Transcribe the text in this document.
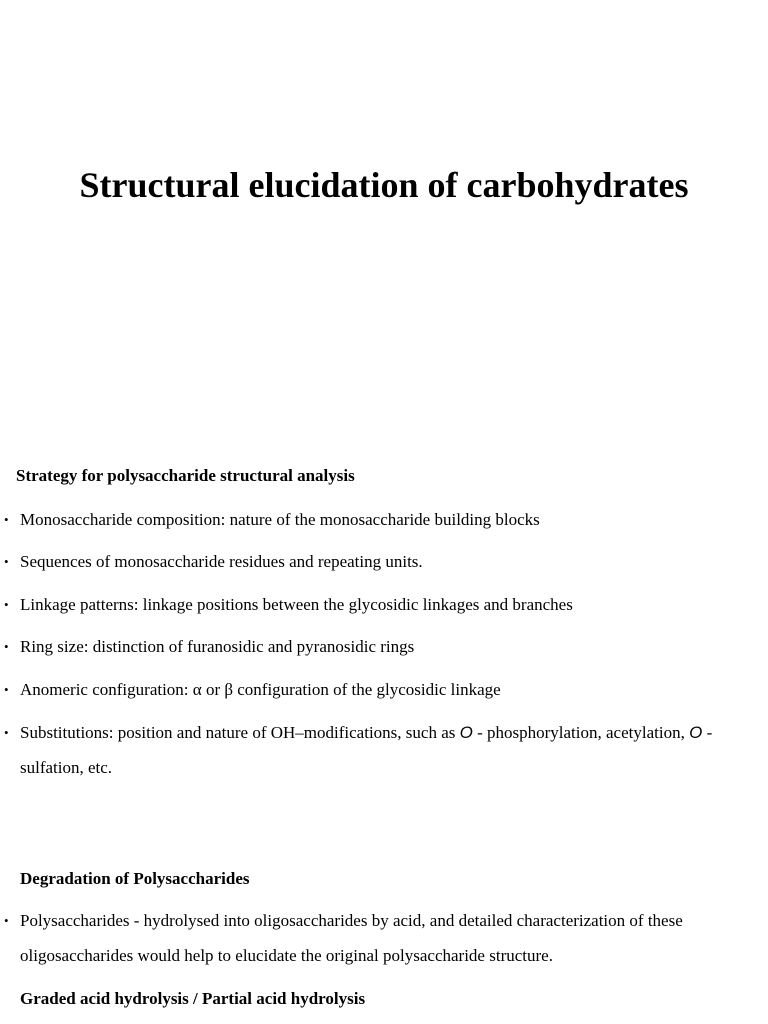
Structural elucidation of carbohydrates

Strategy for polysaccharide structural analysis

• Monosaccharide composition: nature of the monosaccharide building blocks
• Sequences of monosaccharide residues and repeating units.
• Linkage patterns: linkage positions between the glycosidic linkages and branches
• Ring size: distinction of furanosidic and pyranosidic rings
• Anomeric configuration: α or β configuration of the glycosidic linkage
• Substitutions: position and nature of OH–modifications, such as O - phosphorylation, acetylation, O - sulfation, etc.

Degradation of Polysaccharides

• Polysaccharides - hydrolysed into oligosaccharides by acid, and detailed characterization of these oligosaccharides would help to elucidate the original polysaccharide structure.

Graded acid hydrolysis / Partial acid hydrolysis
